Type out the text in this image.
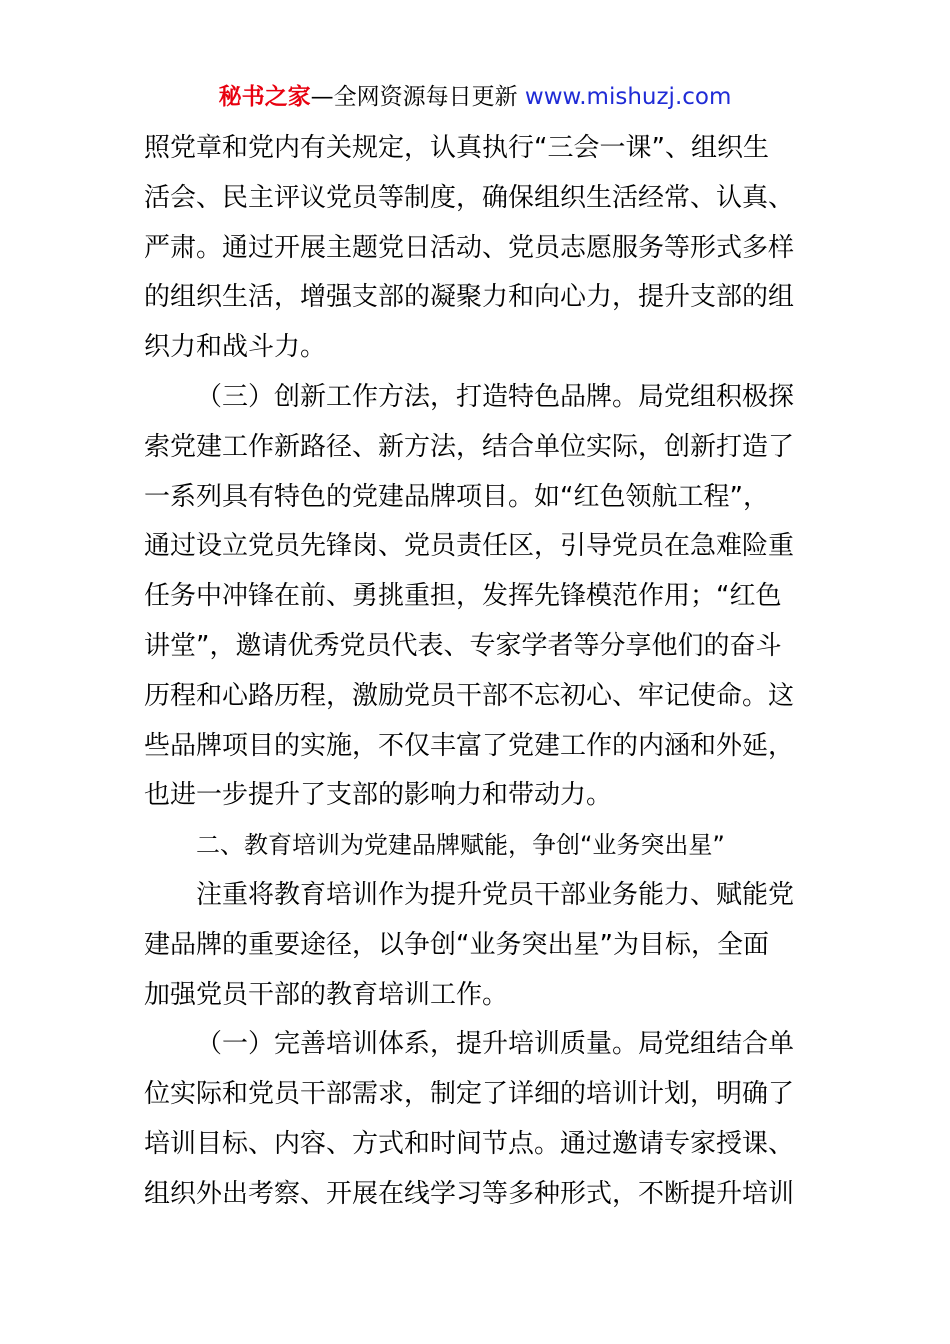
秘书之家—全网资源每日更新 www.mishuzj.com
照党章和党内有关规定，认真执行“三会一课”、组织生
活会、民主评议党员等制度，确保组织生活经常、认真、
严肃。通过开展主题党日活动、党员志愿服务等形式多样
的组织生活，增强支部的凝聚力和向心力，提升支部的组
织力和战斗力。
（三）创新工作方法，打造特色品牌。局党组积极探
索党建工作新路径、新方法，结合单位实际，创新打造了
一系列具有特色的党建品牌项目。如“红色领航工程”，
通过设立党员先锋岗、党员责任区，引导党员在急难险重
任务中冲锋在前、勇挑重担，发挥先锋模范作用；“红色
讲堂”，邀请优秀党员代表、专家学者等分享他们的奋斗
历程和心路历程，激励党员干部不忘初心、牢记使命。这
些品牌项目的实施，不仅丰富了党建工作的内涵和外延，
也进一步提升了支部的影响力和带动力。
二、教育培训为党建品牌赋能，争创“业务突出星”
注重将教育培训作为提升党员干部业务能力、赋能党
建品牌的重要途径，以争创“业务突出星”为目标，全面
加强党员干部的教育培训工作。
（一）完善培训体系，提升培训质量。局党组结合单
位实际和党员干部需求，制定了详细的培训计划，明确了
培训目标、内容、方式和时间节点。通过邀请专家授课、
组织外出考察、开展在线学习等多种形式，不断提升培训
